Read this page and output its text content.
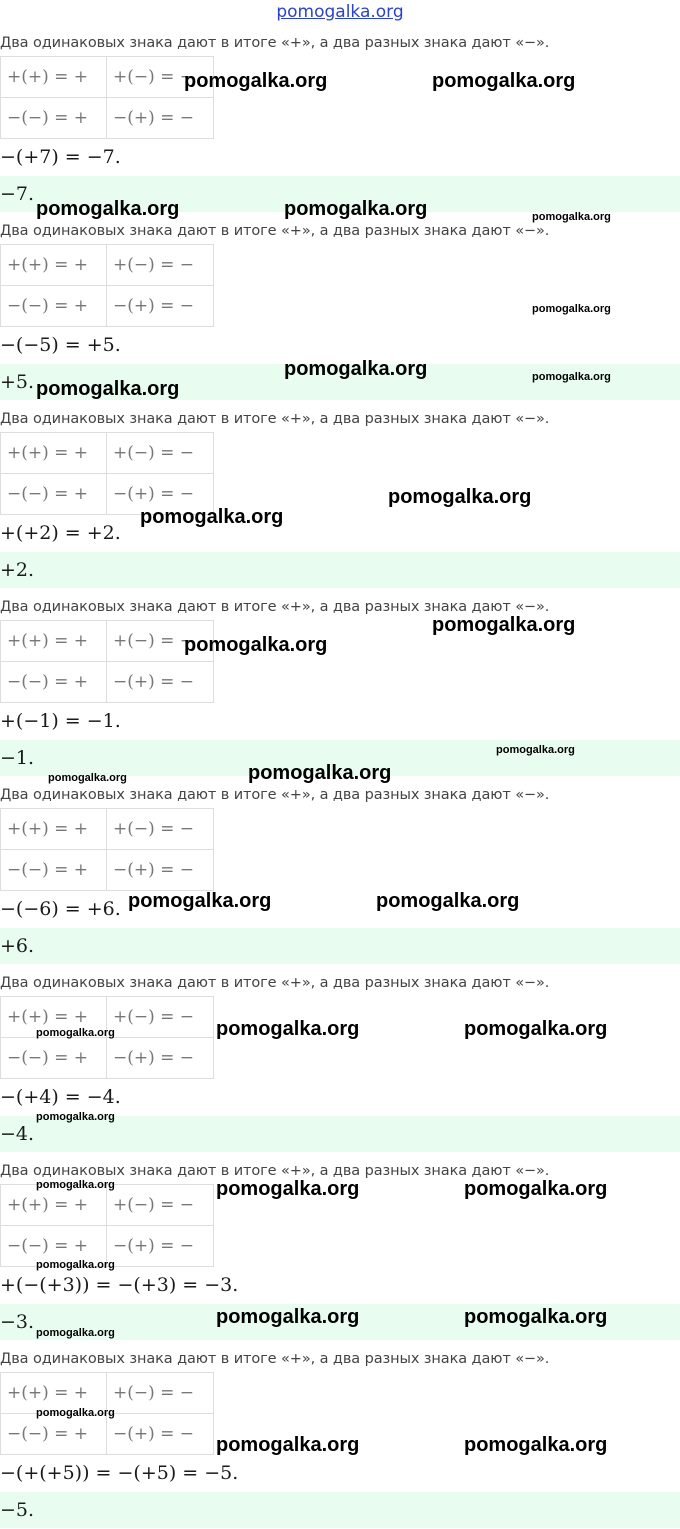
pomogalka.org
Два одинаковых знака дают в итоге «+», а два разных знака дают «−».
+(+) = +	+(−) = −
−(−) = +	−(+) = −
−(+7) = −7.
−7.
Два одинаковых знака дают в итоге «+», а два разных знака дают «−».
+(+) = +	+(−) = −
−(−) = +	−(+) = −
−(−5) = +5.
+5.
Два одинаковых знака дают в итоге «+», а два разных знака дают «−».
+(+) = +	+(−) = −
−(−) = +	−(+) = −
+(+2) = +2.
+2.
Два одинаковых знака дают в итоге «+», а два разных знака дают «−».
+(+) = +	+(−) = −
−(−) = +	−(+) = −
+(−1) = −1.
−1.
Два одинаковых знака дают в итоге «+», а два разных знака дают «−».
+(+) = +	+(−) = −
−(−) = +	−(+) = −
−(−6) = +6.
+6.
Два одинаковых знака дают в итоге «+», а два разных знака дают «−».
+(+) = +	+(−) = −
−(−) = +	−(+) = −
−(+4) = −4.
−4.
Два одинаковых знака дают в итоге «+», а два разных знака дают «−».
+(+) = +	+(−) = −
−(−) = +	−(+) = −
+(−(+3)) = −(+3) = −3.
−3.
Два одинаковых знака дают в итоге «+», а два разных знака дают «−».
+(+) = +	+(−) = −
−(−) = +	−(+) = −
−(+(+5)) = −(+5) = −5.
−5.
pomogalka.org	pomogalka.org
pomogalka.org	pomogalka.org	pomogalka.org
pomogalka.org
pomogalka.org
pomogalka.org	pomogalka.org
pomogalka.org
pomogalka.org
pomogalka.org
pomogalka.org
pomogalka.org
pomogalka.org	pomogalka.org
pomogalka.org	pomogalka.org
pomogalka.org	pomogalka.org	pomogalka.org
pomogalka.org
pomogalka.org	pomogalka.org	pomogalka.org
pomogalka.org
pomogalka.org	pomogalka.org
pomogalka.org
pomogalka.org
pomogalka.org	pomogalka.org
